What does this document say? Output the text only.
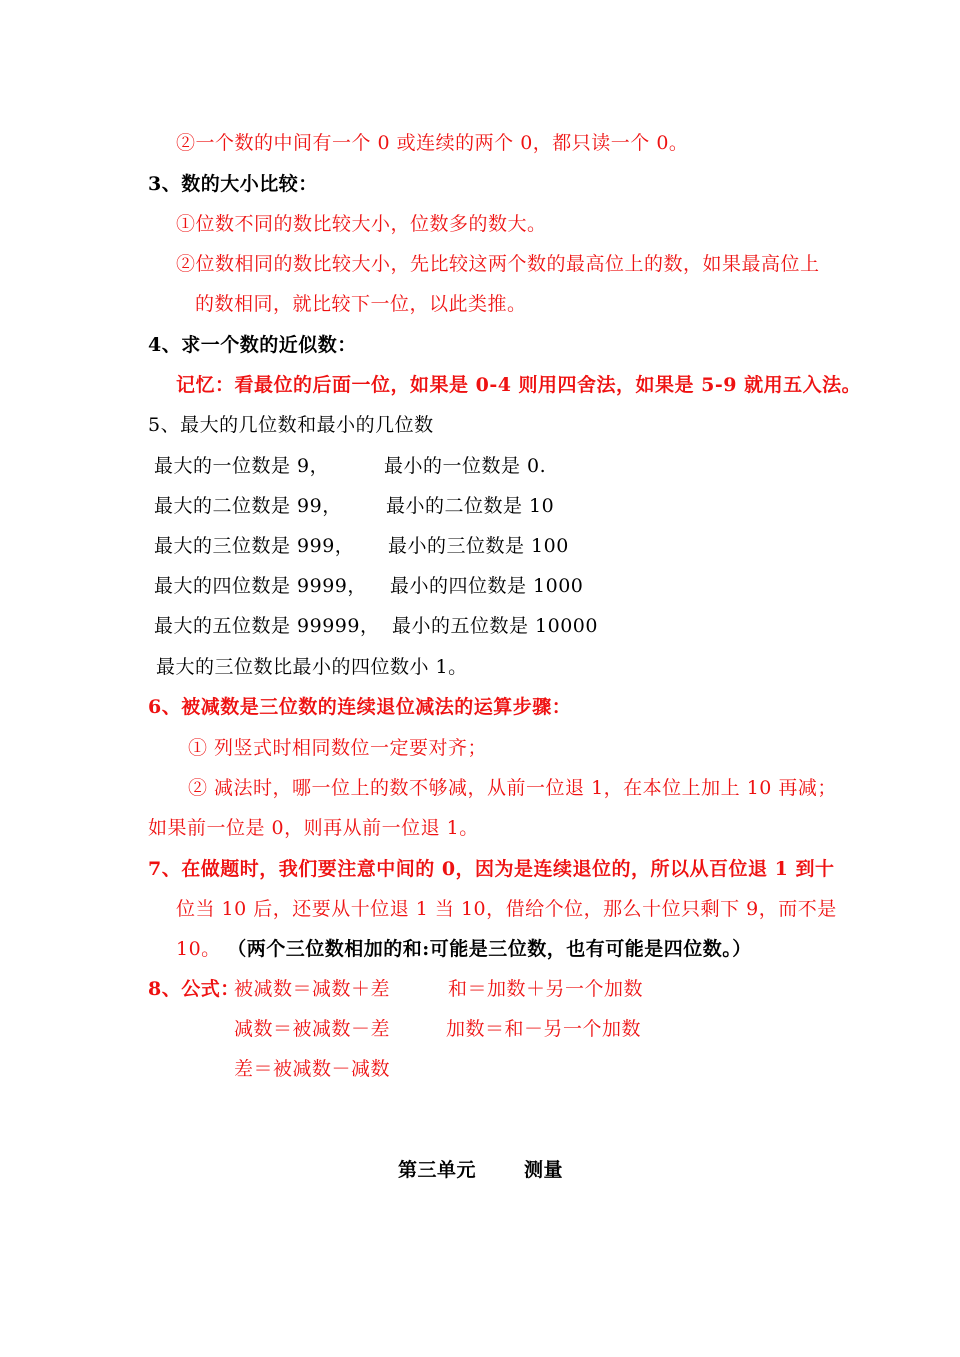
②一个数的中间有一个 0 或连续的两个 0，都只读一个 0。
3、数的大小比较：
①位数不同的数比较大小，位数多的数大。
②位数相同的数比较大小，先比较这两个数的最高位上的数，如果最高位上
的数相同，就比较下一位，以此类推。
4、求一个数的近似数：
记忆：看最位的后面一位，如果是 0-4 则用四舍法，如果是 5-9 就用五入法。
5、最大的几位数和最小的几位数
最大的一位数是 9，	最小的一位数是 0.
最大的二位数是 99， 最小的二位数是 10
最大的三位数是 999， 最小的三位数是 100
最大的四位数是 9999， 最小的四位数是 1000
最大的五位数是 99999， 最小的五位数是 10000
最大的三位数比最小的四位数小 1。
6、被减数是三位数的连续退位减法的运算步骤：
① 列竖式时相同数位一定要对齐；
② 减法时，哪一位上的数不够减，从前一位退 1，在本位上加上 10 再减；
如果前一位是 0，则再从前一位退 1。
7、在做题时，我们要注意中间的 0，因为是连续退位的，所以从百位退 1 到十
位当 10 后，还要从十位退 1 当 10，借给个位，那么十位只剩下 9，而不是
10。 （两个三位数相加的和:可能是三位数，也有可能是四位数。）
8、公式：
被减数＝减数＋差	和＝加数＋另一个加数
减数＝被减数－差	加数＝和－另一个加数
差＝被减数－减数
第三单元	测量
